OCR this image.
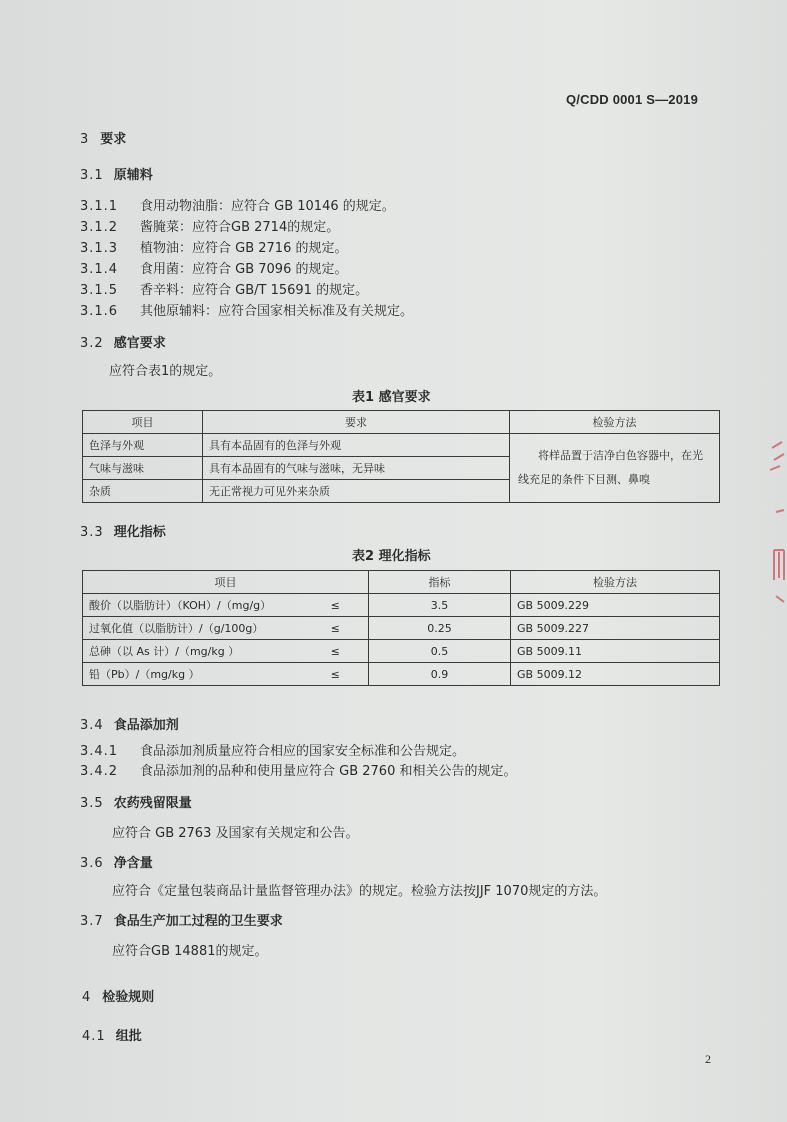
Q/CDD 0001 S—2019
3 要求
3.1 原辅料
3.1.1 食用动物油脂：应符合 GB 10146 的规定。
3.1.2 酱腌菜：应符合GB 2714的规定。
3.1.3 植物油：应符合 GB 2716 的规定。
3.1.4 食用菌：应符合 GB 7096 的规定。
3.1.5 香辛料：应符合 GB/T 15691 的规定。
3.1.6 其他原辅料：应符合国家相关标准及有关规定。
3.2 感官要求
应符合表1的规定。
表1 感官要求
项目	要求	检验方法
色泽与外观	具有本品固有的色泽与外观	将样品置于洁净白色容器中，在光线充足的条件下目测、鼻嗅
气味与滋味	具有本品固有的气味与滋味，无异味	
杂质	无正常视力可见外来杂质	
3.3 理化指标
表2 理化指标
项目		指标	检验方法
酸价（以脂肪计）（KOH）/（mg/g）	≤	3.5	GB 5009.229
过氧化值（以脂肪计）/（g/100g）	≤	0.25	GB 5009.227
总砷（以 As 计）/（mg/kg ）	≤	0.5	GB 5009.11
铅（Pb）/（mg/kg ）	≤	0.9	GB 5009.12
3.4 食品添加剂
3.4.1 食品添加剂质量应符合相应的国家安全标准和公告规定。
3.4.2 食品添加剂的品种和使用量应符合 GB 2760 和相关公告的规定。
3.5 农药残留限量
应符合 GB 2763 及国家有关规定和公告。
3.6 净含量
应符合《定量包装商品计量监督管理办法》的规定。检验方法按JJF 1070规定的方法。
3.7 食品生产加工过程的卫生要求
应符合GB 14881的规定。
4 检验规则
4.1 组批
2
